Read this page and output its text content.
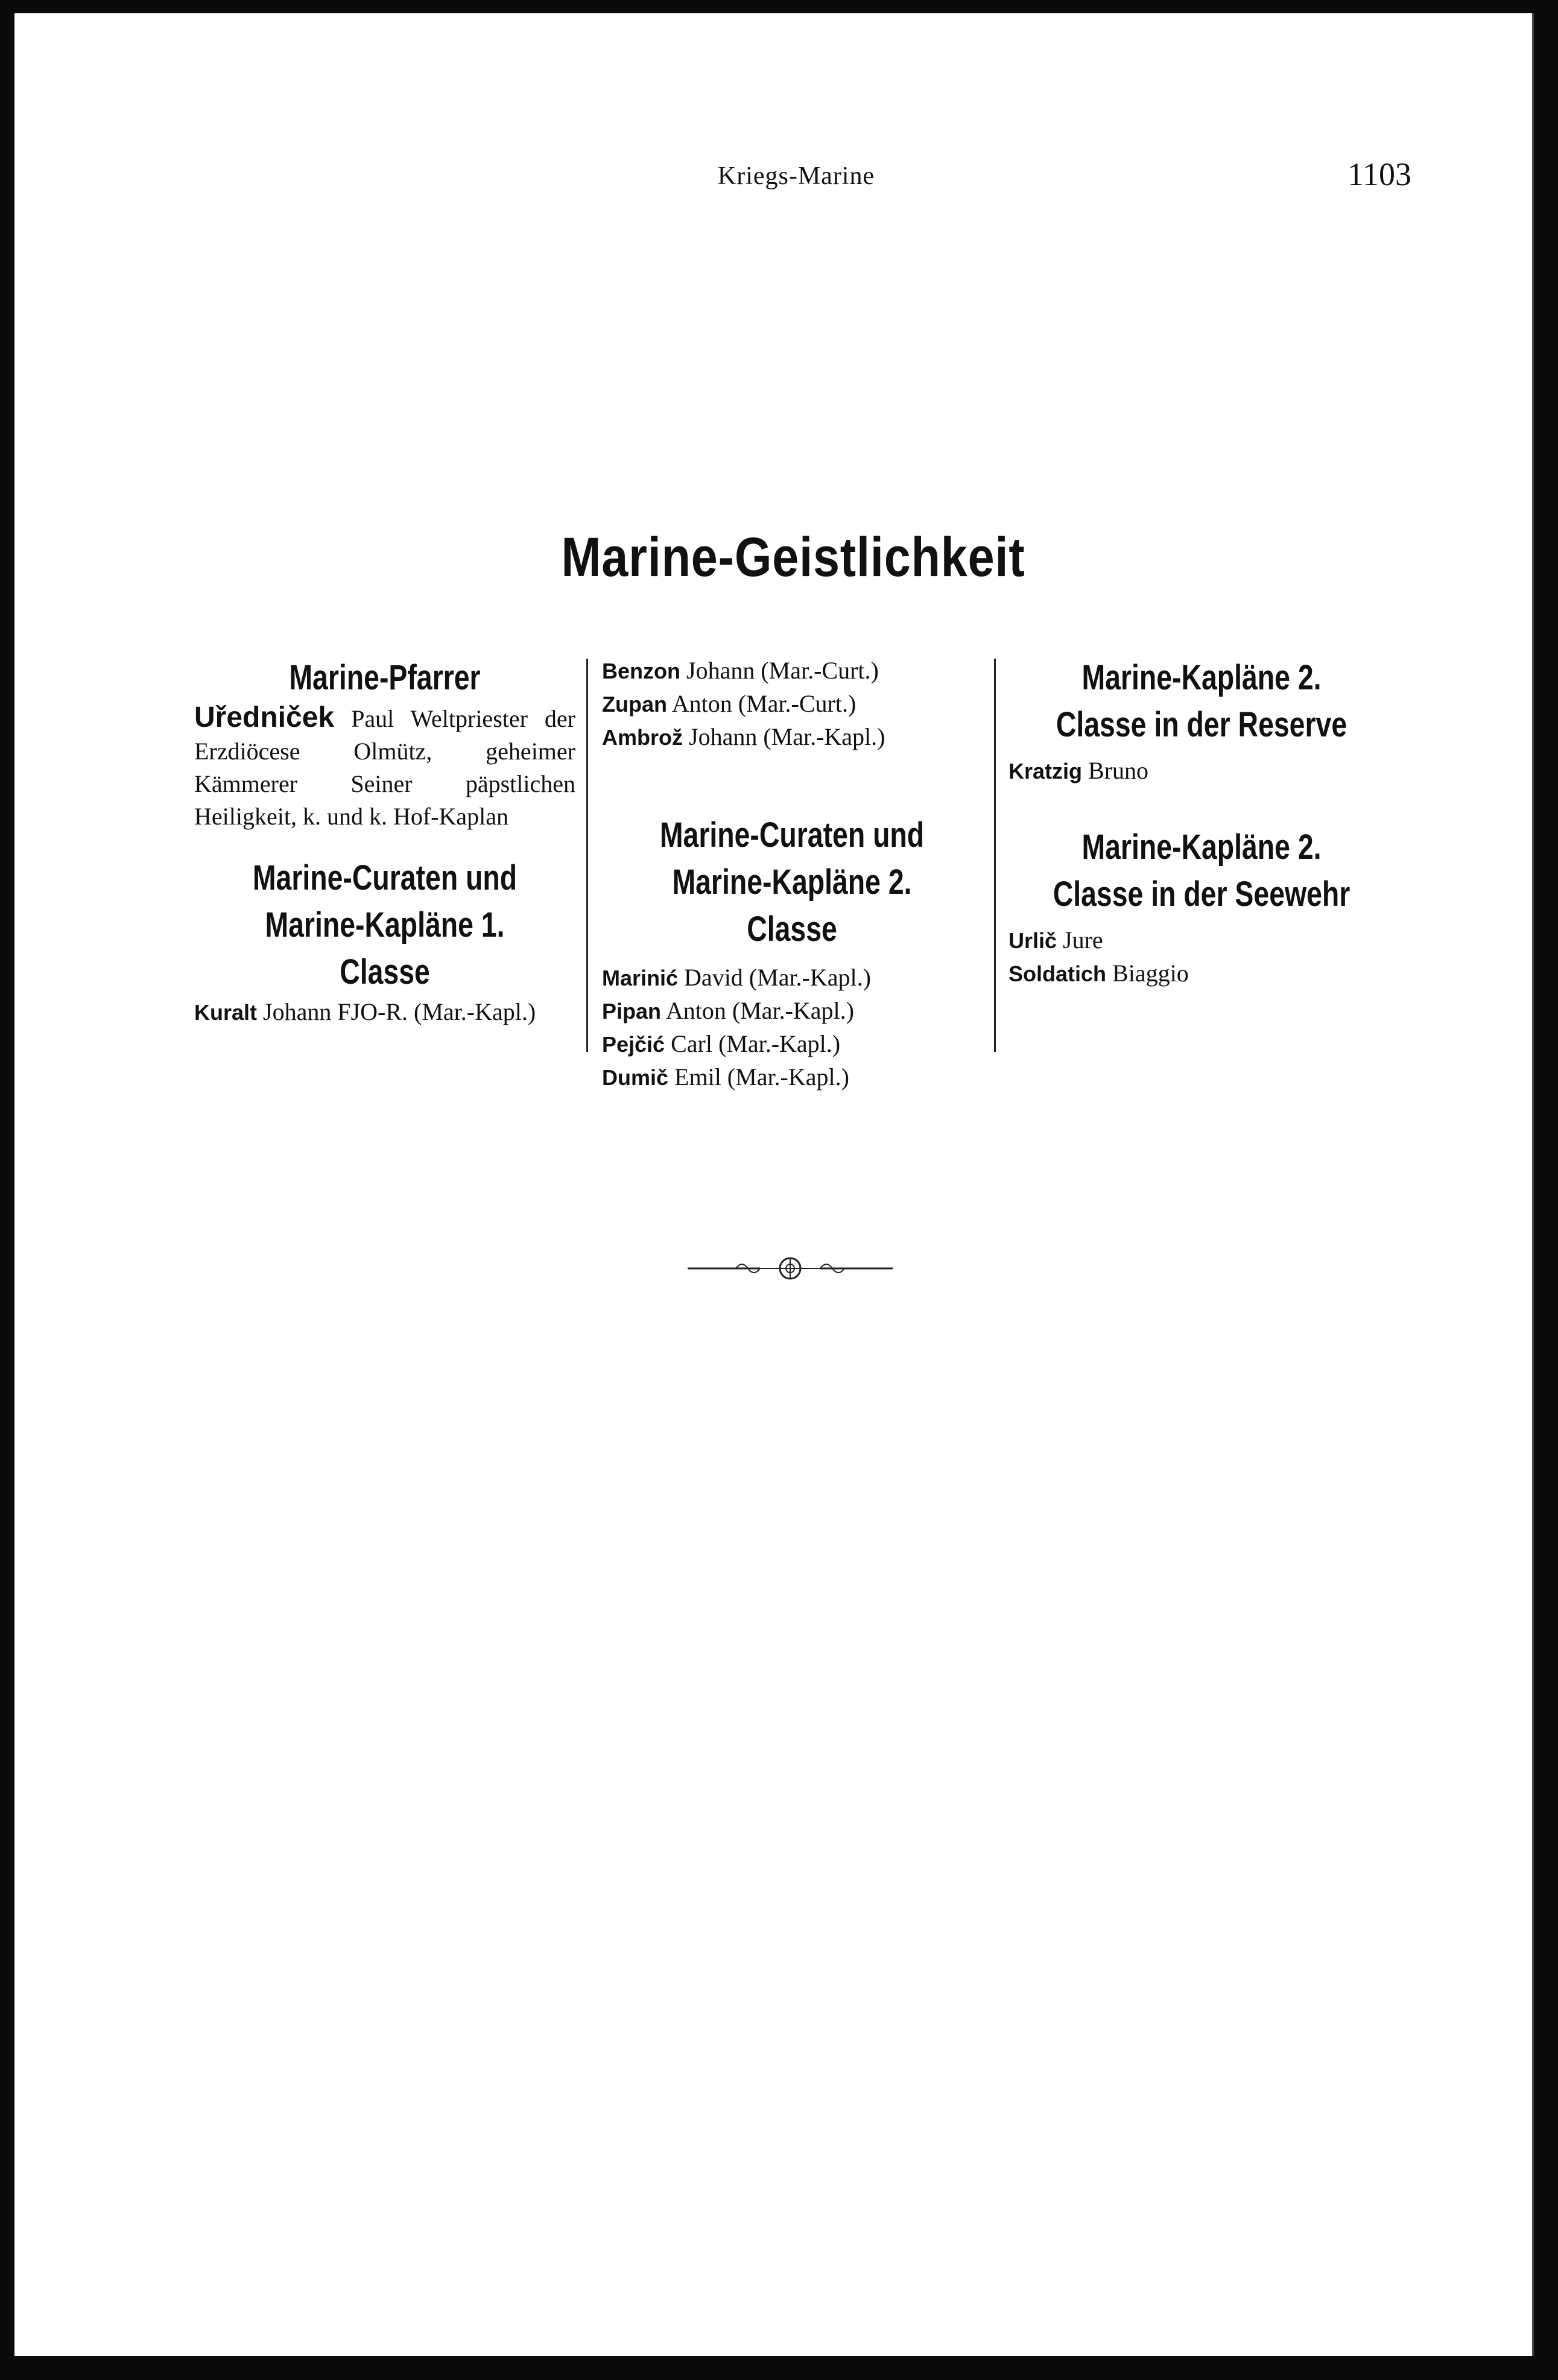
Kriegs-Marine	1103
Marine-Geistlichkeit

Marine-Pfarrer

Uředniček Paul Weltpriester der Erzdiöcese Olmütz, geheimer Kämmerer Seiner päpstlichen Heiligkeit, k. und k. Hof-Kaplan

Marine-Curaten und Marine-Kapläne 1. Classe

Kuralt Johann FJO-R. (Mar.-Kapl.)

Benzon Johann (Mar.-Curt.)

Zupan Anton (Mar.-Curt.)

Ambrož Johann (Mar.-Kapl.)

Marine-Curaten und Marine-Kapläne 2. Classe

Marinić David (Mar.-Kapl.)

Pipan Anton (Mar.-Kapl.)

Pejčić Carl (Mar.-Kapl.)

Dumič Emil (Mar.-Kapl.)

Marine-Kapläne 2. Classe in der Reserve

Kratzig Bruno

Marine-Kapläne 2. Classe in der Seewehr

Urlič Jure

Soldatich Biaggio
